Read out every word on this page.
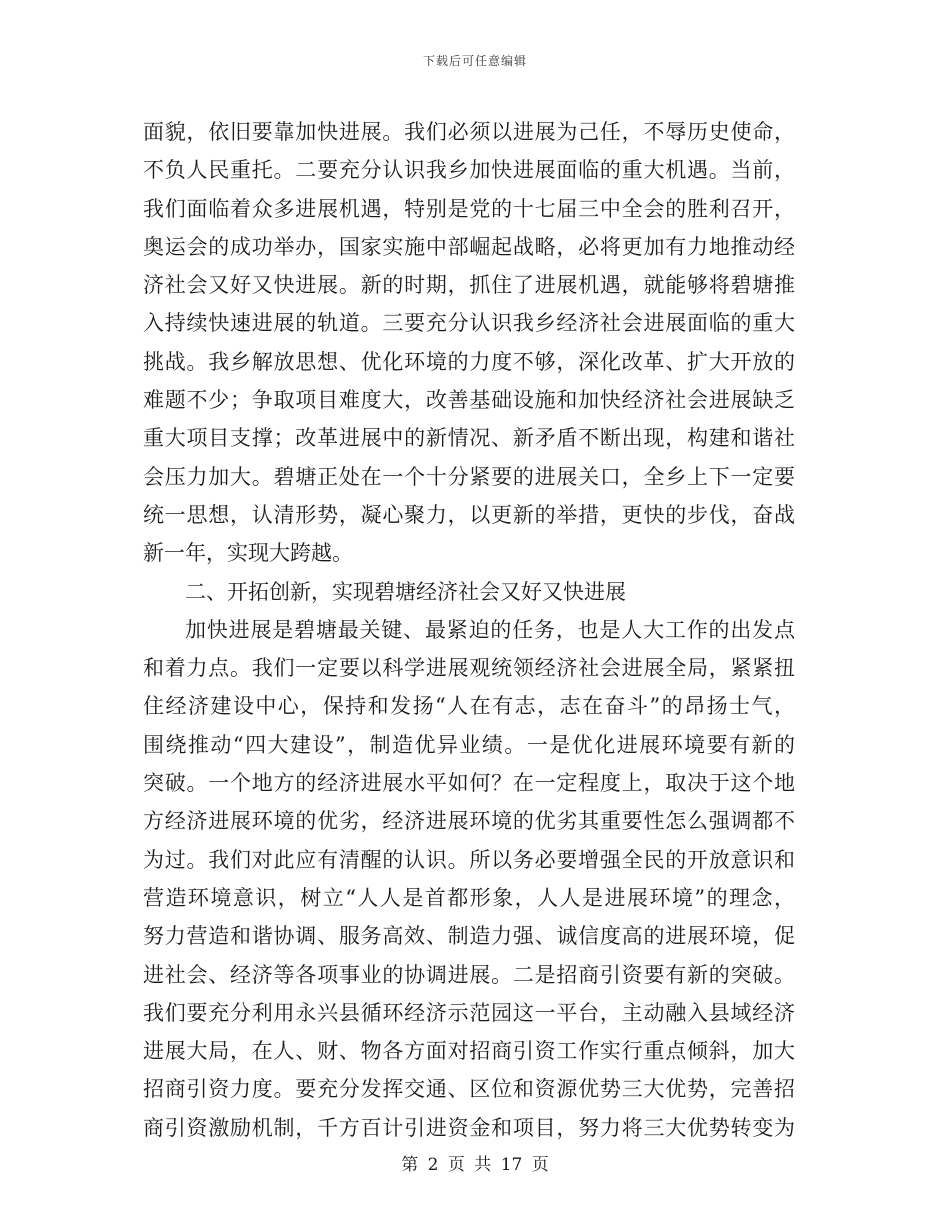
下载后可任意编辑
面貌，依旧要靠加快进展。我们必须以进展为己任，不辱历史使命，
不负人民重托。二要充分认识我乡加快进展面临的重大机遇。当前，
我们面临着众多进展机遇，特别是党的十七届三中全会的胜利召开，
奥运会的成功举办，国家实施中部崛起战略，必将更加有力地推动经
济社会又好又快进展。新的时期，抓住了进展机遇，就能够将碧塘推
入持续快速进展的轨道。三要充分认识我乡经济社会进展面临的重大
挑战。我乡解放思想、优化环境的力度不够，深化改革、扩大开放的
难题不少；争取项目难度大，改善基础设施和加快经济社会进展缺乏
重大项目支撑；改革进展中的新情况、新矛盾不断出现，构建和谐社
会压力加大。碧塘正处在一个十分紧要的进展关口，全乡上下一定要
统一思想，认清形势，凝心聚力，以更新的举措，更快的步伐，奋战
新一年，实现大跨越。
二、开拓创新，实现碧塘经济社会又好又快进展
加快进展是碧塘最关键、最紧迫的任务，也是人大工作的出发点
和着力点。我们一定要以科学进展观统领经济社会进展全局，紧紧扭
住经济建设中心，保持和发扬“人在有志，志在奋斗”的昂扬士气，
围绕推动“四大建设”，制造优异业绩。一是优化进展环境要有新的
突破。一个地方的经济进展水平如何？在一定程度上，取决于这个地
方经济进展环境的优劣，经济进展环境的优劣其重要性怎么强调都不
为过。我们对此应有清醒的认识。所以务必要增强全民的开放意识和
营造环境意识，树立“人人是首都形象，人人是进展环境”的理念，
努力营造和谐协调、服务高效、制造力强、诚信度高的进展环境，促
进社会、经济等各项事业的协调进展。二是招商引资要有新的突破。
我们要充分利用永兴县循环经济示范园这一平台，主动融入县域经济
进展大局，在人、财、物各方面对招商引资工作实行重点倾斜，加大
招商引资力度。要充分发挥交通、区位和资源优势三大优势，完善招
商引资激励机制，千方百计引进资金和项目，努力将三大优势转变为
第 2 页 共 17 页
